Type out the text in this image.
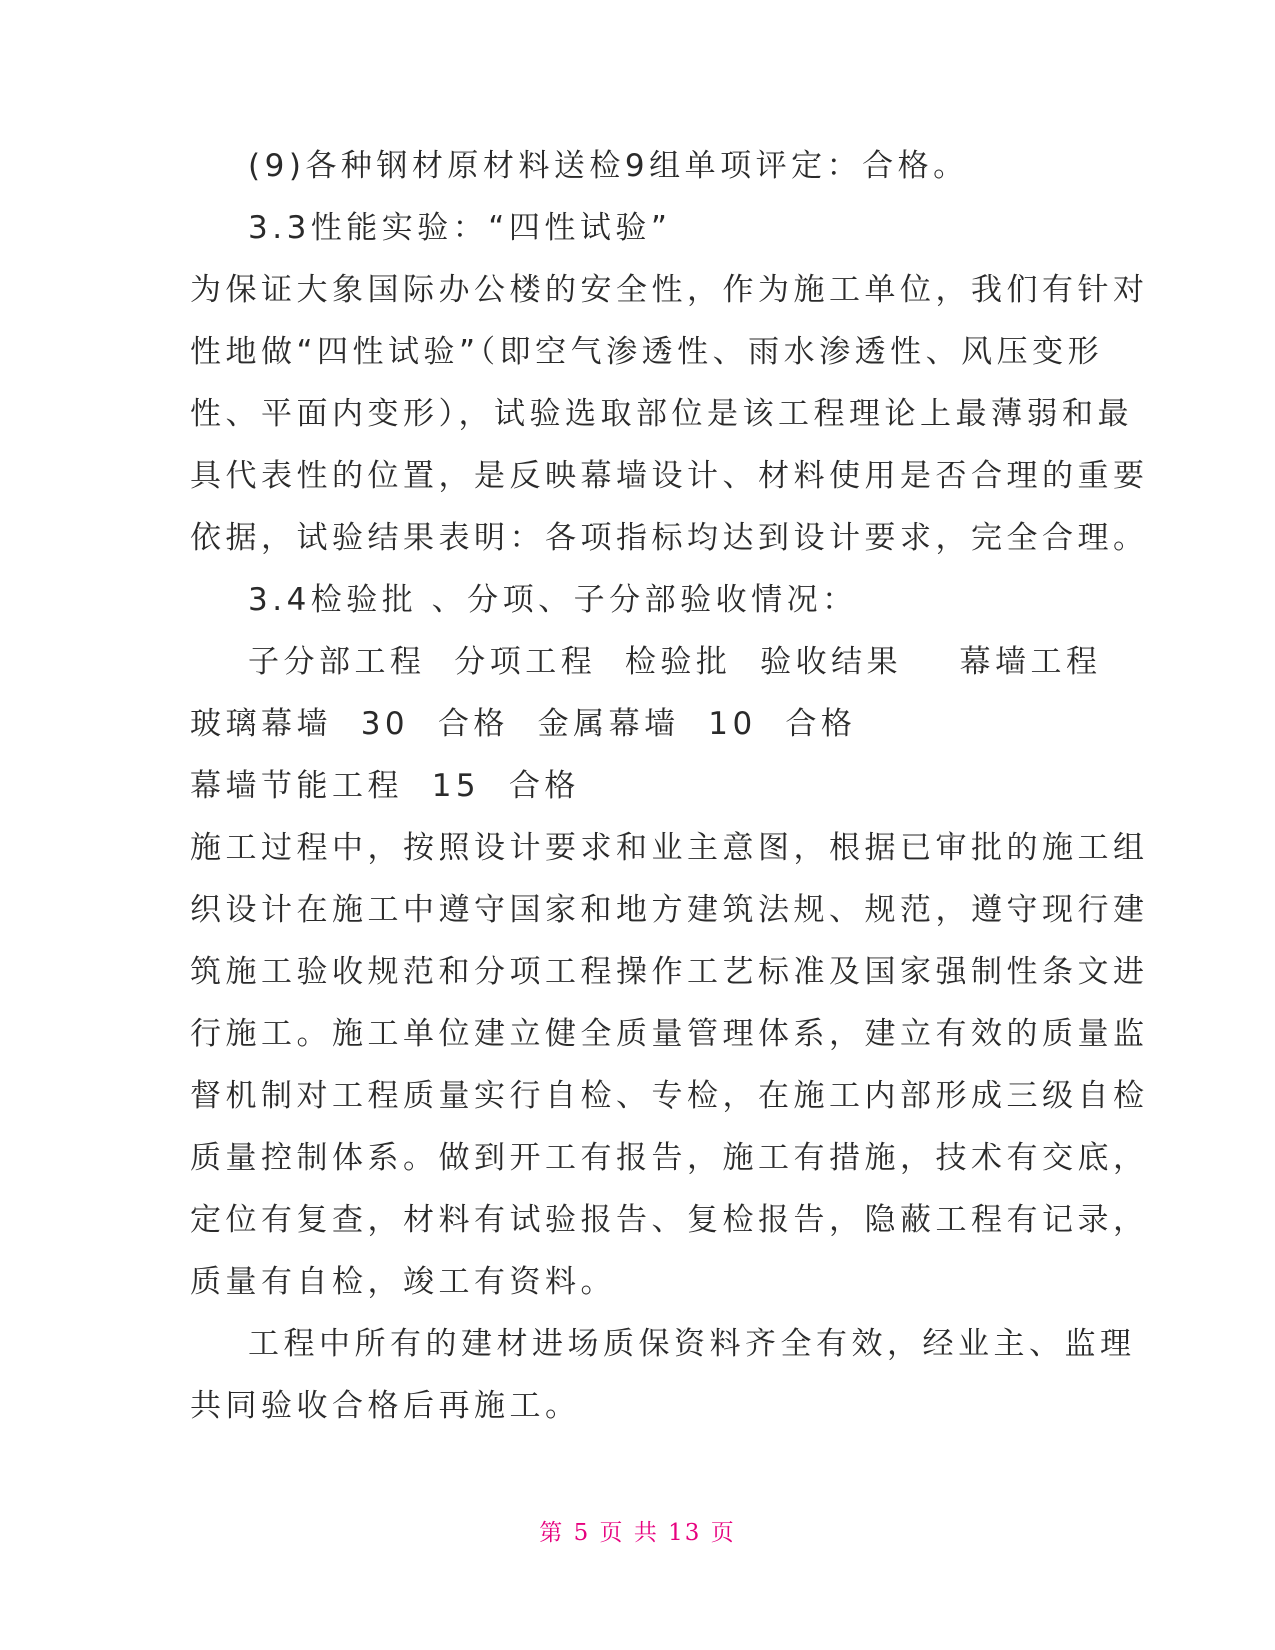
(9)各种钢材原材料送检9组单项评定：合格。
3.3性能实验：“四性试验”
为保证大象国际办公楼的安全性，作为施工单位，我们有针对
性地做“四性试验”（即空气渗透性、雨水渗透性、风压变形
性、平面内变形），试验选取部位是该工程理论上最薄弱和最
具代表性的位置，是反映幕墙设计、材料使用是否合理的重要
依据，试验结果表明：各项指标均达到设计要求，完全合理。
3.4检验批 、分项、子分部验收情况：
子分部工程  分项工程  检验批  验收结果    幕墙工程
玻璃幕墙  30  合格  金属幕墙  10  合格
幕墙节能工程  15  合格
施工过程中，按照设计要求和业主意图，根据已审批的施工组
织设计在施工中遵守国家和地方建筑法规、规范，遵守现行建
筑施工验收规范和分项工程操作工艺标准及国家强制性条文进
行施工。施工单位建立健全质量管理体系，建立有效的质量监
督机制对工程质量实行自检、专检，在施工内部形成三级自检
质量控制体系。做到开工有报告，施工有措施，技术有交底，
定位有复查，材料有试验报告、复检报告，隐蔽工程有记录，
质量有自检，竣工有资料。
工程中所有的建材进场质保资料齐全有效，经业主、监理
共同验收合格后再施工。
第 5 页 共 13 页
